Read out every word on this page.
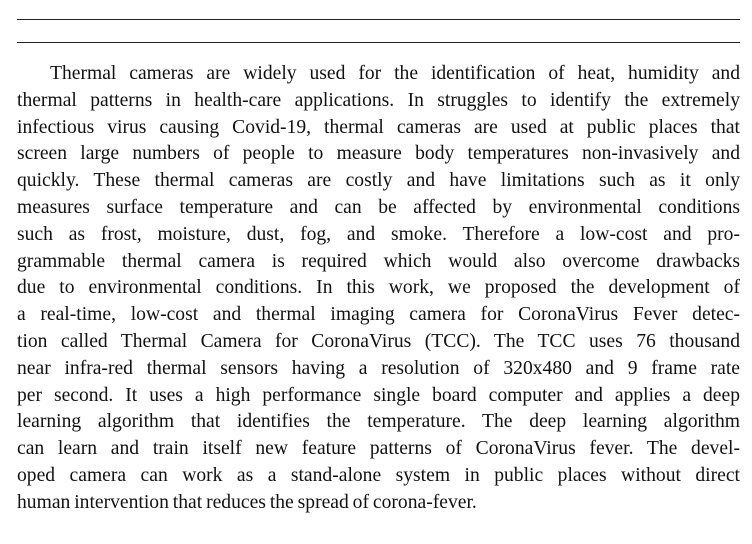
Thermal cameras are widely used for the identification of heat, humidity and
thermal patterns in health-care applications. In struggles to identify the extremely
infectious virus causing Covid-19, thermal cameras are used at public places that
screen large numbers of people to measure body temperatures non-invasively and
quickly. These thermal cameras are costly and have limitations such as it only
measures surface temperature and can be affected by environmental conditions
such as frost, moisture, dust, fog, and smoke. Therefore a low-cost and pro-
grammable thermal camera is required which would also overcome drawbacks
due to environmental conditions. In this work, we proposed the development of
a real-time, low-cost and thermal imaging camera for CoronaVirus Fever detec-
tion called Thermal Camera for CoronaVirus (TCC). The TCC uses 76 thousand
near infra-red thermal sensors having a resolution of 320x480 and 9 frame rate
per second. It uses a high performance single board computer and applies a deep
learning algorithm that identifies the temperature. The deep learning algorithm
can learn and train itself new feature patterns of CoronaVirus fever. The devel-
oped camera can work as a stand-alone system in public places without direct
human intervention that reduces the spread of corona-fever.
